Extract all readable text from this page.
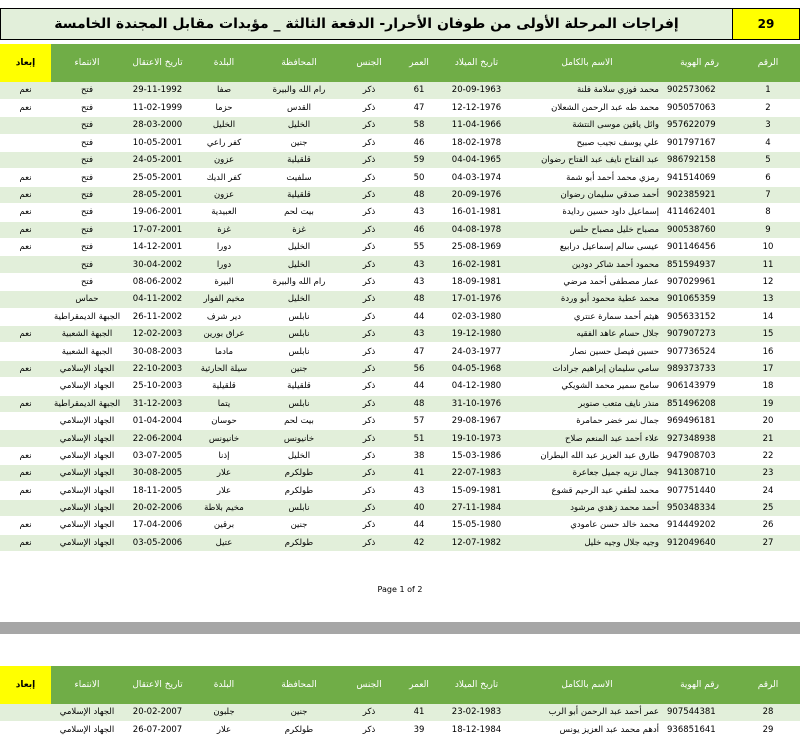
إفراجات المرحلة الأولى من طوفان الأحرار- الدفعة الثالثة _ مؤبدات مقابل المجندة الخامسة	29
الرقم	رقم الهوية	الاسم بالكامل	تاريخ الميلاد	العمر	الجنس	المحافظة	البلدة	تاريخ الاعتقال	الانتماء	إبعاد
1	902573062	محمد فوزي سلامة فلنة	20-09-1963	61	ذكر	رام الله والبيرة	صفا	29-11-1992	فتح	نعم
2	905057063	محمد طه عبد الرحمن الشعلان	12-12-1976	47	ذكر	القدس	حزما	11-02-1999	فتح	نعم
3	957622079	وائل ياقين موسى النتشة	11-04-1966	58	ذكر	الخليل	الخليل	28-03-2000	فتح	
4	901797167	علي يوسف نجيب صبيح	18-02-1978	46	ذكر	جنين	كفر راعي	10-05-2001	فتح	
5	986792158	عبد الفتاح نايف عبد الفتاح رضوان	04-04-1965	59	ذكر	قلقيلية	عزون	24-05-2001	فتح	
6	941514069	رمزي محمد أحمد أبو شمة	04-03-1974	50	ذكر	سلفيت	كفر الديك	25-05-2001	فتح	نعم
7	902385921	أحمد صدقي سليمان رضوان	20-09-1976	48	ذكر	قلقيلية	عزون	28-05-2001	فتح	نعم
8	411462401	إسماعيل داود حسين ردايدة	16-01-1981	43	ذكر	بيت لحم	العبيدية	19-06-2001	فتح	نعم
9	900538760	مصباح خليل مصباح حلس	04-08-1978	46	ذكر	غزة	غزة	17-07-2001	فتح	نعم
10	901146456	عيسى سالم إسماعيل درابيع	25-08-1969	55	ذكر	الخليل	دورا	14-12-2001	فتح	نعم
11	851594937	محمود أحمد شاكر دودين	16-02-1981	43	ذكر	الخليل	دورا	30-04-2002	فتح	
12	907029961	عمار مصطفى أحمد مرضي	18-09-1981	43	ذكر	رام الله والبيرة	البيرة	08-06-2002	فتح	
13	901065359	محمد عطية محمود أبو وردة	17-01-1976	48	ذكر	الخليل	مخيم الفوار	04-11-2002	حماس	
14	905633152	هيثم أحمد سمارة عنتري	02-03-1980	44	ذكر	نابلس	دير شرف	26-11-2002	الجبهة الديمقراطية	
15	907907273	جلال حسام عاهد الفقيه	19-12-1980	43	ذكر	نابلس	عراق بورين	12-02-2003	الجبهة الشعبية	نعم
16	907736524	حسين فيصل حسين نصار	24-03-1977	47	ذكر	نابلس	مادما	30-08-2003	الجبهة الشعبية	
17	989373733	سامي سليمان إبراهيم جرادات	04-05-1968	56	ذكر	جنين	سيلة الحارثية	22-10-2003	الجهاد الإسلامي	نعم
18	906143979	سامح سمير محمد الشويكي	04-12-1980	44	ذكر	قلقيلية	قلقيلية	25-10-2003	الجهاد الإسلامي	
19	851496208	منذر نايف متعب صنوبر	31-10-1976	48	ذكر	نابلس	يتما	31-12-2003	الجبهة الديمقراطية	نعم
20	969496181	جمال نمر خضر حمامرة	29-08-1967	57	ذكر	بيت لحم	حوسان	01-04-2004	الجهاد الإسلامي	
21	927348938	علاء أحمد عبد المنعم صلاح	19-10-1973	51	ذكر	خانيونس	خانيونس	22-06-2004	الجهاد الإسلامي	
22	947908703	طارق عبد العزيز عبد الله البطران	15-03-1986	38	ذكر	الخليل	إذنا	03-07-2005	الجهاد الإسلامي	نعم
23	941308710	جمال نزيه جميل جعاعرة	22-07-1983	41	ذكر	طولكرم	علار	30-08-2005	الجهاد الإسلامي	نعم
24	907751440	محمد لطفي عبد الرحيم قشوع	15-09-1981	43	ذكر	طولكرم	علار	18-11-2005	الجهاد الإسلامي	نعم
25	950348334	أحمد محمد زهدي مرشود	27-11-1984	40	ذكر	نابلس	مخيم بلاطة	20-02-2006	الجهاد الإسلامي	
26	914449202	محمد خالد حسن عامودي	15-05-1980	44	ذكر	جنين	برقين	17-04-2006	الجهاد الإسلامي	نعم
27	912049640	وجيه جلال وجيه خليل	12-07-1982	42	ذكر	طولكرم	عتيل	03-05-2006	الجهاد الإسلامي	نعم
Page 1 of 2
الرقم	رقم الهوية	الاسم بالكامل	تاريخ الميلاد	العمر	الجنس	المحافظة	البلدة	تاريخ الاعتقال	الانتماء	إبعاد
28	907544381	عمر أحمد عبد الرحمن أبو الرب	23-02-1983	41	ذكر	جنين	جلبون	20-02-2007	الجهاد الإسلامي	
29	936851641	أدهم محمد عبد العزيز يونس	18-12-1984	39	ذكر	طولكرم	علار	26-07-2007	الجهاد الإسلامي	
